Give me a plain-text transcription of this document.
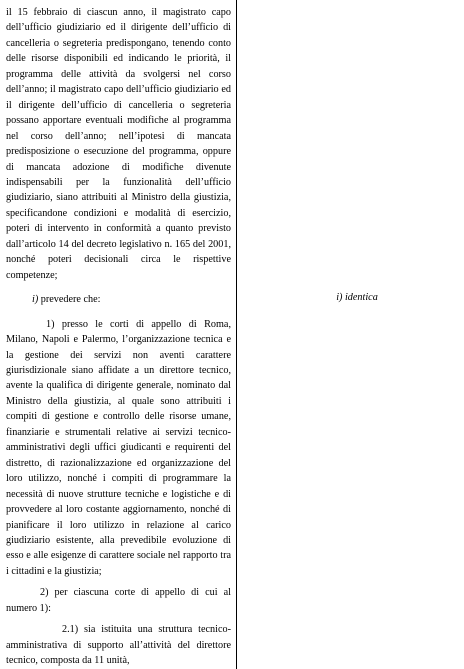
il 15 febbraio di ciascun anno, il magistrato capo dell’ufficio giudiziario ed il dirigente dell’ufficio di cancelleria o segreteria predispongano, tenendo conto delle risorse disponibili ed indicando le priorità, il programma delle attività da svolgersi nel corso dell’anno; il magistrato capo dell’ufficio giudiziario ed il dirigente dell’ufficio di cancelleria o segreteria possano apportare eventuali modifiche al programma nel corso dell’anno; nell’ipotesi di mancata predisposizione o esecuzione del programma, oppure di mancata adozione di modifiche divenute indispensabili per la funzionalità dell’ufficio giudiziario, siano attribuiti al Ministro della giustizia, specificandone condizioni e modalità di esercizio, poteri di intervento in conformità a quanto previsto dall’articolo 14 del decreto legislativo n. 165 del 2001, nonché poteri decisionali circa le rispettive competenze;

i) prevedere che:

1) presso le corti di appello di Roma, Milano, Napoli e Palermo, l’organizzazione tecnica e la gestione dei servizi non aventi carattere giurisdizionale siano affidate a un direttore tecnico, avente la qualifica di dirigente generale, nominato dal Ministro della giustizia, al quale sono attribuiti i compiti di gestione e controllo delle risorse umane, finanziarie e strumentali relative ai servizi tecnico-amministrativi degli uffici giudicanti e requirenti del distretto, di razionalizzazione ed organizzazione del loro utilizzo, nonché i compiti di programmare la necessità di nuove strutture tecniche e logistiche e di provvedere al loro costante aggiornamento, nonché di pianificare il loro utilizzo in relazione al carico giudiziario esistente, alla prevedibile evoluzione di esso e alle esigenze di carattere sociale nel rapporto tra i cittadini e la giustizia;

2) per ciascuna corte di appello di cui al numero 1):

2.1) sia istituita una struttura tecnico-amministrativa di supporto all’attività del direttore tecnico, composta da 11 unità,

i) identica
